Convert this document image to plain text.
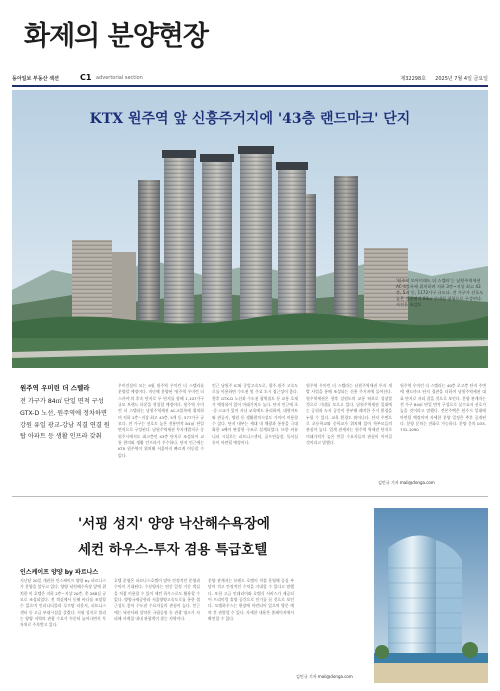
화제의 분양현장
동아일보 부동산 섹션	C1 advertorial section	제32298호 2025년 7월 4일 금요일
KTX 원주역 앞 신흥주거지에 '43층 랜드마크' 단지
'원주역 모아미래도 더 스텔라'는 남원주역세권 AC-4블록에 위치하며 지하 3층~지상 최고 43층, 5개 동, 1172가구 규모다. 전 가구가 선호도 높은 전용면적 84㎡ 중대형 평형으로 구성된다. 사진은 조감도
원주역 우미린 더 스텔라
전 가구가 84㎡ 단일 면적 구성 GTX-D 노선, 원주역에 정차하면 강원 유일 광교-강남 직결 연결 원탑 아파트 등 생활 인프라 갖춰
우미건설이 모는 9월 원주역 우미린 더 스텔라를 분양할 예정이다. 지난해 분양된 '원주역 우미린 더 스카이'의 후속 단지로 두 단지를 합해 1,107가구 규모 브랜드 타운을 형성할 예정이다. 원주역 우미린 더 스텔라는 남원주역세권 AC-5블록에 위치하며 지하 1층~지상 최고 43층, 5개 동, 577가구 규모다. 전 가구는 선호도 높은 전용면적 84㎡ 단일 면적으로 구성된다. 남원주역세권 투자개발지구 중 원주시에서도 최고층인 43층 단지로 조성되어 교통 편의와 생활 인프라가 우수하다. 단지 인근에는 KTX 원주역이 위치해 서울까지 빠르게 이동할 수 있다.
인근 남원주 IC와 중앙고속도로, 광주-원주 고속도로를 이용하면 수도권 및 주요 도시 접근성이 좋다. 향후 GTX-D 노선과 수도권 광역철도 등 교통 호재가 예정되어 있어 미래가치도 높다. 단지 인근에 초·중·고교가 있어 자녀 교육에도 유리하며, 대형마트와 관공서, 병원 등 생활편의시설도 가까이 이용할 수 있다. 단지 내부는 세대 내 채광과 통풍을 극대화한 4베이 판상형 구조로 설계되었다. 또한 커뮤니티 시설로는 피트니스센터, 골프연습장, 독서실 등이 마련될 예정이다.
원주역 우미린 더 스텔라는 남원주역세권 투자 개발 사업을 통해 조성되는 신흥 주거지에 들어선다. 원주역세권은 향후 강원도의 교통 허브로 성장할 것으로 기대를 모으고 있다. 남원주역세권 일대에는 공원과 녹지 공간이 풍부해 쾌적한 주거 환경을 누릴 수 있다. 교육 환경도 뛰어나다. 단지 주변으로 초등학교와 중학교가 위치해 있어 학부모들의 관심이 높다. 업계 관계자는 원주역 역세권 단지로 미래가치가 높은 만큼 수요자들의 관심이 이어질 것이라고 말했다.
원주역 우미린 더 스텔라는 40층 초고층 단지 주변에 랜드마크 단지 경관을 더하며 남원주역세권 대표 단지로 자리 잡을 것으로 보인다. 분양 관계자는 전 가구 84㎡ 단일 면적 구성으로 실수요자 선호가 높을 것이라고 말했다. 견본주택은 원주시 일대에 마련될 예정이며 자세한 분양 일정은 추후 공개된다. 분양 문의는 전화로 가능하다. 분양 문의 033-732-1090
김민규 기자 mail@donga.com
'서핑 성지' 양양 낙산해수욕장에
세컨 하우스-투자 겸용 특급호텔
인스케이프 양양 by 파르나스
지난달 20일 개관한 인스케이프 양양 by 파르나스가 분양을 앞두고 있다. 양양 낙산해수욕장 앞에 위치한 이 호텔은 지하 2층~지상 20층, 총 288실 규모로 조성되었다. 전 객실에서 동해 바다를 조망할 수 있으며 인피니티풀과 루프탑 라운지, 피트니스센터 등 고급 부대시설을 갖췄다. 서핑 성지로 불리는 양양 지역의 관광 수요가 꾸준히 늘어나면서 투자처로 주목받고 있다.
호텔 운영은 파르나스호텔이 맡아 안정적인 운영과 수익이 기대된다. 수분양자는 연간 일정 기간 객실을 직접 이용할 수 있어 세컨 하우스로도 활용할 수 있다. 양양국제공항과 서울양양고속도로를 통한 접근성도 좋아 수도권 수요자들의 관심이 높다. 인근에는 낙산사와 설악산 국립공원 등 관광 명소가 자리해 사계절 내내 관광객이 찾는 지역이다.
분양 관계자는 브랜드 호텔이 직접 운영해 공실 부담이 적고 안정적인 수익을 기대할 수 있다고 말했다. 또한 고급 인테리어와 호텔식 서비스가 제공되어 프리미엄 휴양 공간으로 인기를 끌 것으로 보인다. 모델하우스는 현장에 마련되어 있으며 방문 예약 후 관람할 수 있다. 자세한 내용은 홈페이지에서 확인할 수 있다.
김민규 기자 mail@donga.com
